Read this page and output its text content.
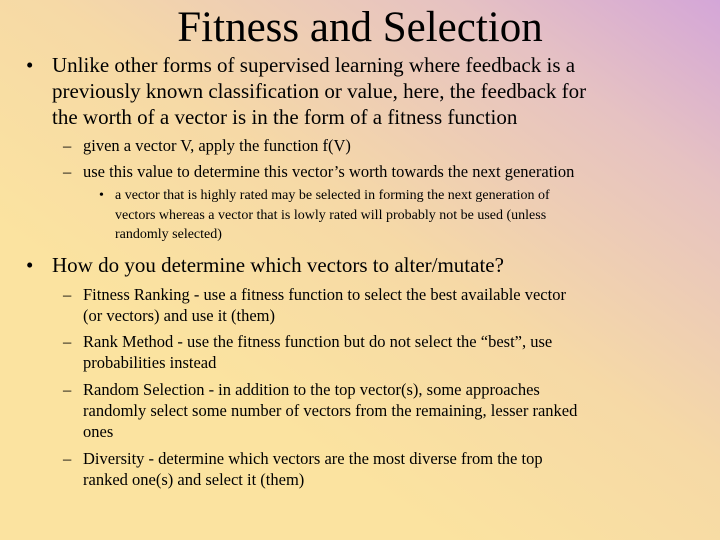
Fitness and Selection
• Unlike other forms of supervised learning where feedback is a
previously known classification or value, here, the feedback for
the worth of a vector is in the form of a fitness function
– given a vector V, apply the function f(V)
– use this value to determine this vector’s worth towards the next generation
• a vector that is highly rated may be selected in forming the next generation of
vectors whereas a vector that is lowly rated will probably not be used (unless
randomly selected)
• How do you determine which vectors to alter/mutate?
– Fitness Ranking - use a fitness function to select the best available vector
(or vectors) and use it (them)
– Rank Method - use the fitness function but do not select the “best”, use
probabilities instead
– Random Selection - in addition to the top vector(s), some approaches
randomly select some number of vectors from the remaining, lesser ranked
ones
– Diversity - determine which vectors are the most diverse from the top
ranked one(s) and select it (them)
